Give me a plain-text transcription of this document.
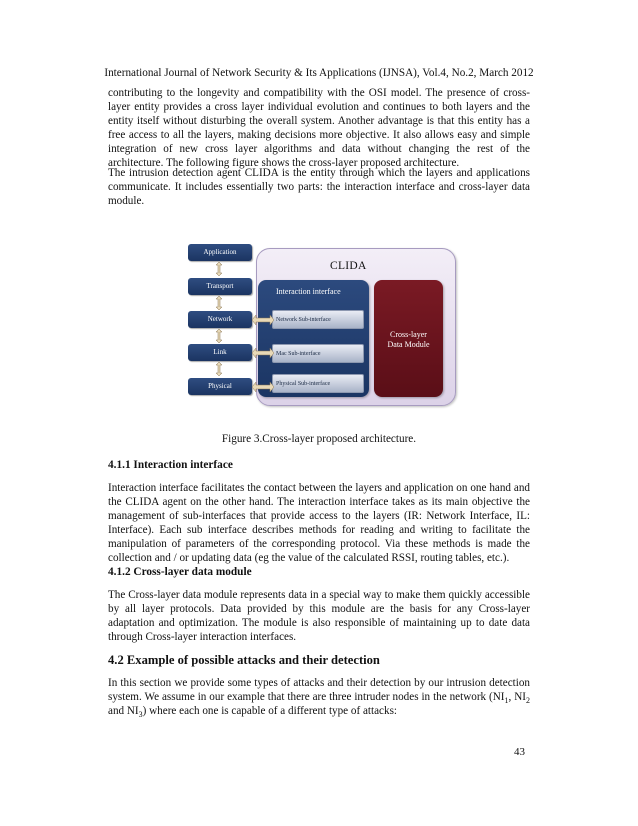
International Journal of Network Security & Its Applications (IJNSA), Vol.4, No.2, March 2012

contributing to the longevity and compatibility with the OSI model. The presence of cross-layer entity provides a cross layer individual evolution and continues to both layers and the entity itself without disturbing the overall system. Another advantage is that this entity has a free access to all the layers, making decisions more objective. It also allows easy and simple integration of new cross layer algorithms and data without changing the rest of the architecture. The following figure shows the cross-layer proposed architecture.

The intrusion detection agent CLIDA is the entity through which the layers and applications communicate. It includes essentially two parts: the interaction interface and cross-layer data module.

CLIDA
Interaction interface
Network Sub-interface
Mac Sub-interface
Physical Sub-interface
Cross-layer
Data Module
Application
Transport
Network
Link
Physical
Figure 3.Cross-layer proposed architecture.

4.1.1 Interaction interface

Interaction interface facilitates the contact between the layers and application on one hand and the CLIDA agent on the other hand. The interaction interface takes as its main objective the management of sub-interfaces that provide access to the layers (IR: Network Interface, IL: Interface). Each sub interface describes methods for reading and writing to facilitate the manipulation of parameters of the corresponding protocol. Via these methods is made the collection and / or updating data (eg the value of the calculated RSSI, routing tables, etc.).

4.1.2 Cross-layer data module

The Cross-layer data module represents data in a special way to make them quickly accessible by all layer protocols. Data provided by this module are the basis for any Cross-layer adaptation and optimization. The module is also responsible of maintaining up to date data through Cross-layer interaction interfaces.

4.2 Example of possible attacks and their detection

In this section we provide some types of attacks and their detection by our intrusion detection system. We assume in our example that there are three intruder nodes in the network ($NI_1$, $NI_2$ and $NI_3$) where each one is capable of a different type of attacks:

43
